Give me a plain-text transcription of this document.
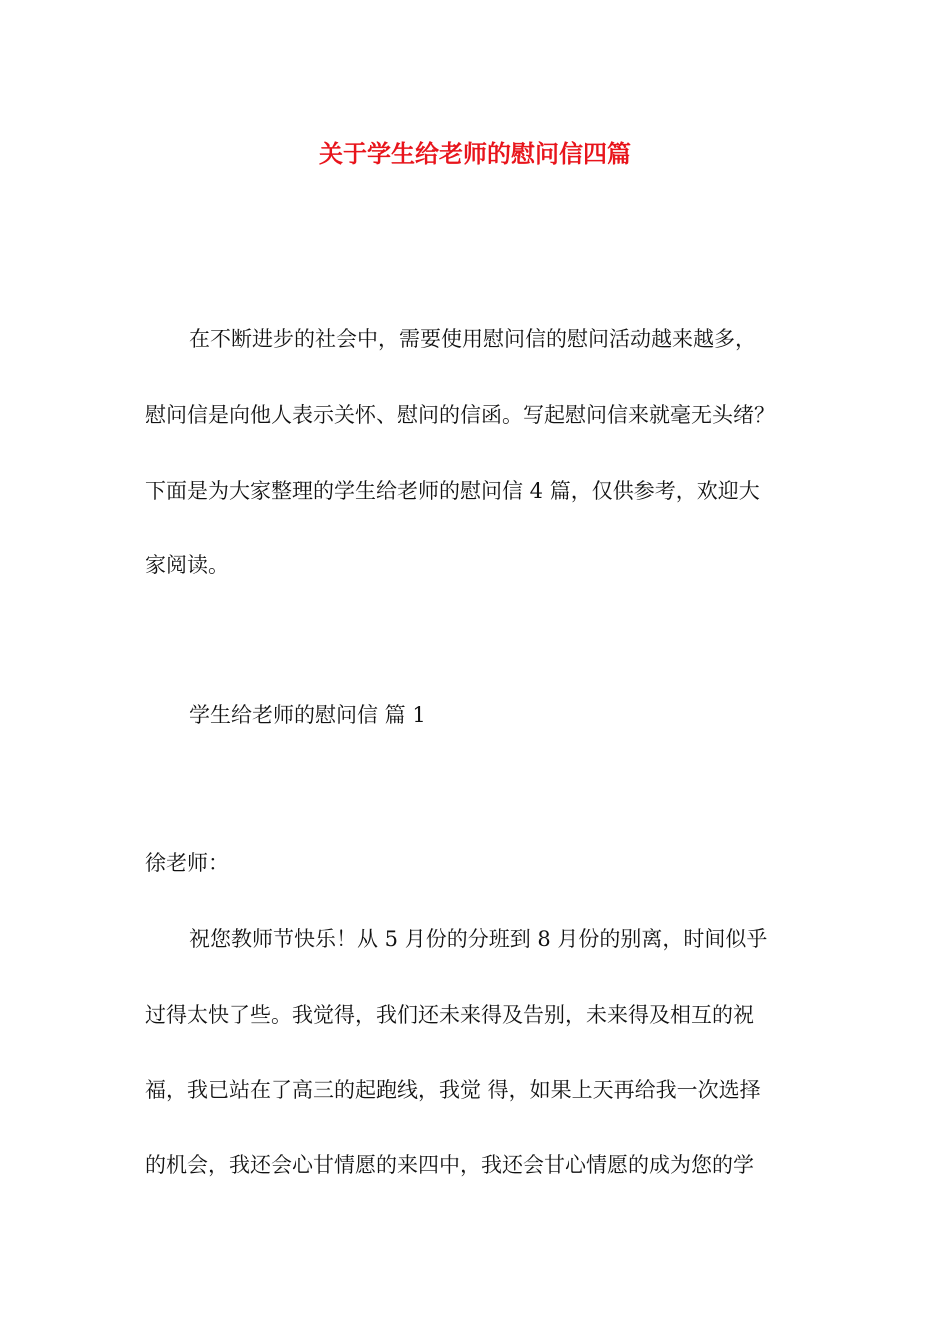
关于学生给老师的慰问信四篇

在不断进步的社会中，需要使用慰问信的慰问活动越来越多，

慰问信是向他人表示关怀、慰问的信函。写起慰问信来就毫无头绪？

下面是为大家整理的学生给老师的慰问信 4 篇，仅供参考，欢迎大

家阅读。

学生给老师的慰问信 篇 1

徐老师：

祝您教师节快乐！从 5 月份的分班到 8 月份的别离，时间似乎

过得太快了些。我觉得，我们还未来得及告别，未来得及相互的祝

福，我已站在了高三的起跑线，我觉 得，如果上天再给我一次选择

的机会，我还会心甘情愿的来四中，我还会甘心情愿的成为您的学
